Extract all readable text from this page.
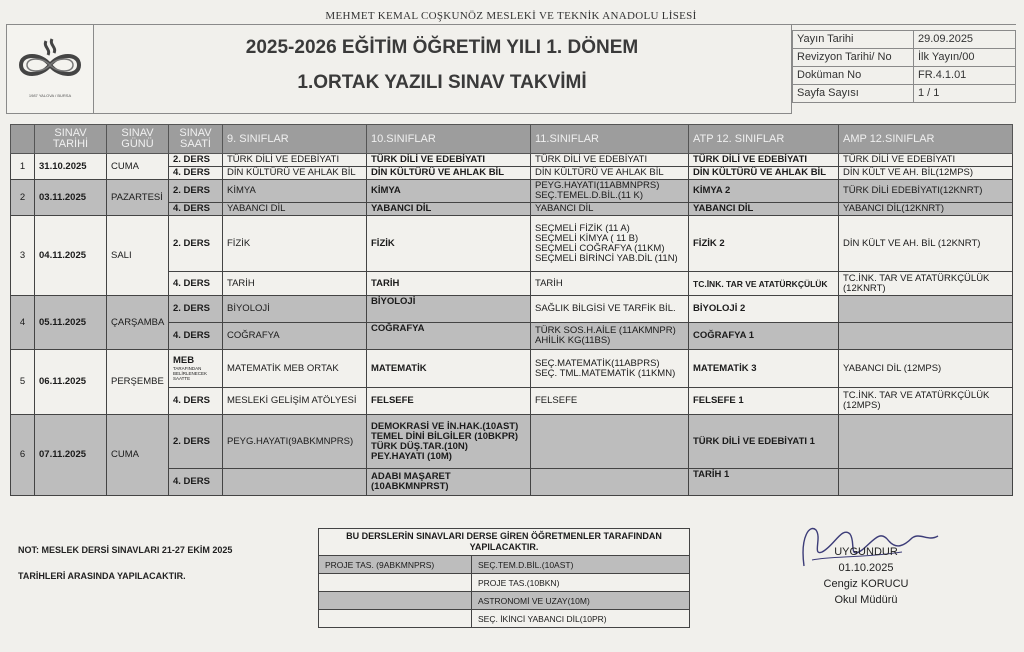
MEHMET KEMAL COŞKUNÖZ MESLEKİ VE TEKNİK ANADOLU LİSESİ
1987 YALOVA / BURSA
2025-2026 EĞİTİM ÖĞRETİM YILI 1. DÖNEM
1.ORTAK YAZILI SINAV TAKVİMİ
Yayın Tarihi	29.09.2025
Revizyon Tarihi/ No	İlk Yayın/00
Doküman No	FR.4.1.01
Sayfa Sayısı	1 / 1
	SINAV TARİHİ	SINAV GÜNÜ	SINAV SAATİ	9. SINIFLAR	10.SINIFLAR	11.SINIFLAR	ATP 12. SINIFLAR	AMP 12.SINIFLAR
1	31.10.2025	CUMA	2. DERS	TÜRK DİLİ VE EDEBİYATI	TÜRK DİLİ VE EDEBİYATI	TÜRK DİLİ VE EDEBİYATI	TÜRK DİLİ VE EDEBİYATI	TÜRK DİLİ VE EDEBİYATI
			4. DERS	DİN KÜLTÜRÜ VE AHLAK BİL	DİN KÜLTÜRÜ VE AHLAK BİL	DİN KÜLTÜRÜ VE AHLAK BİL	DİN KÜLTÜRÜ VE AHLAK BİL	DİN KÜLT VE AH. BİL(12MPS)
2	03.11.2025	PAZARTESİ	2. DERS	KİMYA	KİMYA	PEYG.HAYATI(11ABMNPRS)
SEÇ.TEMEL.D.BİL.(11 K)	KİMYA 2	TÜRK DİLİ EDEBİYATI(12KNRT)
			4. DERS	YABANCI DİL	YABANCI DİL	YABANCI DİL	YABANCI DİL	YABANCI DİL(12KNRT)
3	04.11.2025	SALI	2. DERS	FİZİK	FİZİK	SEÇMELİ FİZİK (11 A)
SEÇMELİ KİMYA ( 11 B)
SEÇMELİ COĞRAFYA (11KM)
SEÇMELİ BİRİNCİ YAB.DİL (11N)	FİZİK 2	DİN KÜLT VE AH. BİL (12KNRT)
			4. DERS	TARİH	TARİH	TARİH	TC.İNK. TAR VE ATATÜRKÇÜLÜK	TC.İNK. TAR VE ATATÜRKÇÜLÜK
(12KNRT)
4	05.11.2025	ÇARŞAMBA	2. DERS	BİYOLOJİ	BİYOLOJİ	SAĞLIK BİLGİSİ VE TARFİK BİL.	BİYOLOJİ 2	
			4. DERS	COĞRAFYA	COĞRAFYA	TÜRK SOS.H.AİLE (11AKMNPR)
AHİLİK KG(11BS)	COĞRAFYA 1	
5	06.11.2025	PERŞEMBE	MEB
TARAFINDAN BELİRLENECEK SAATTE	MATEMATİK MEB ORTAK	MATEMATİK	SEÇ.MATEMATİK(11ABPRS)
SEÇ. TML.MATEMATİK (11KMN)	MATEMATİK 3	YABANCI DİL (12MPS)
			4. DERS	MESLEKİ GELİŞİM ATÖLYESİ	FELSEFE	FELSEFE	FELSEFE 1	TC.İNK. TAR VE ATATÜRKÇÜLÜK
(12MPS)
6	07.11.2025	CUMA	2. DERS	PEYG.HAYATI(9ABKMNPRS)	DEMOKRASİ VE İN.HAK.(10AST)
TEMEL DİNİ BİLGİLER (10BKPR)
TÜRK DÜŞ.TAR.(10N)
PEY.HAYATI (10M)		TÜRK DİLİ VE EDEBİYATI 1	
			4. DERS		ADABI MAŞARET (10ABKMNPRST)		TARİH 1	
NOT: MESLEK DERSİ SINAVLARI 21-27 EKİM 2025
TARİHLERİ ARASINDA YAPILACAKTIR.
BU DERSLERİN SINAVLARI DERSE GİREN ÖĞRETMENLER TARAFINDAN YAPILACAKTIR.	
PROJE TAS. (9ABKMNPRS)	SEÇ.TEM.D.BİL.(10AST)
	PROJE TAS.(10BKN)
	ASTRONOMİ VE UZAY(10M)
	SEÇ. İKİNCİ YABANCI DİL(10PR)
UYGUNDUR
01.10.2025
Cengiz KORUCU
Okul Müdürü
